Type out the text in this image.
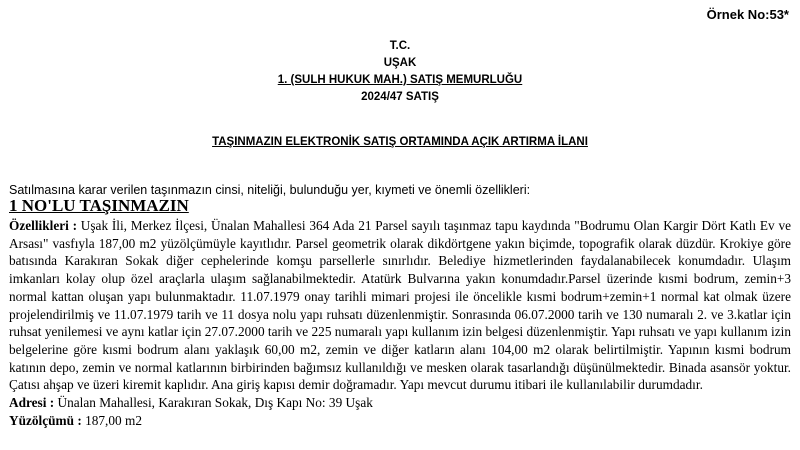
Örnek No:53*
T.C.
UŞAK
1. (SULH HUKUK MAH.) SATIŞ MEMURLUĞU
2024/47 SATIŞ
TAŞINMAZIN ELEKTRONİK SATIŞ ORTAMINDA AÇIK ARTIRMA İLANI
Satılmasına karar verilen taşınmazın cinsi, niteliği, bulunduğu yer, kıymeti ve önemli özellikleri:
1 NO'LU TAŞINMAZIN

Özellikleri : Uşak İli, Merkez İlçesi, Ünalan Mahallesi 364 Ada 21 Parsel sayılı taşınmaz tapu kaydında "Bodrumu Olan Kargir Dört Katlı Ev ve Arsası" vasfıyla 187,00 m2 yüzölçümüyle kayıtlıdır. Parsel geometrik olarak dikdörtgene yakın biçimde, topografik olarak düzdür. Krokiye göre batısında Karakıran Sokak diğer cephelerinde komşu parsellerle sınırlıdır. Belediye hizmetlerinden faydalanabilecek konumdadır. Ulaşım imkanları kolay olup özel araçlarla ulaşım sağlanabilmektedir. Atatürk Bulvarına yakın konumdadır.Parsel üzerinde kısmi bodrum, zemin+3 normal kattan oluşan yapı bulunmaktadır. 11.07.1979 onay tarihli mimari projesi ile öncelikle kısmi bodrum+zemin+1 normal kat olmak üzere projelendirilmiş ve 11.07.1979 tarih ve 11 dosya nolu yapı ruhsatı düzenlenmiştir. Sonrasında 06.07.2000 tarih ve 130 numaralı 2. ve 3.katlar için ruhsat yenilemesi ve aynı katlar için 27.07.2000 tarih ve 225 numaralı yapı kullanım izin belgesi düzenlenmiştir. Yapı ruhsatı ve yapı kullanım izin belgelerine göre kısmi bodrum alanı yaklaşık 60,00 m2, zemin ve diğer katların alanı 104,00 m2 olarak belirtilmiştir. Yapının kısmi bodrum katının depo, zemin ve normal katlarının birbirinden bağımsız kullanıldığı ve mesken olarak tasarlandığı düşünülmektedir. Binada asansör yoktur. Çatısı ahşap ve üzeri kiremit kaplıdır. Ana giriş kapısı demir doğramadır. Yapı mevcut durumu itibari ile kullanılabilir durumdadır.

Adresi : Ünalan Mahallesi, Karakıran Sokak, Dış Kapı No: 39 Uşak

Yüzölçümü : 187,00 m2
